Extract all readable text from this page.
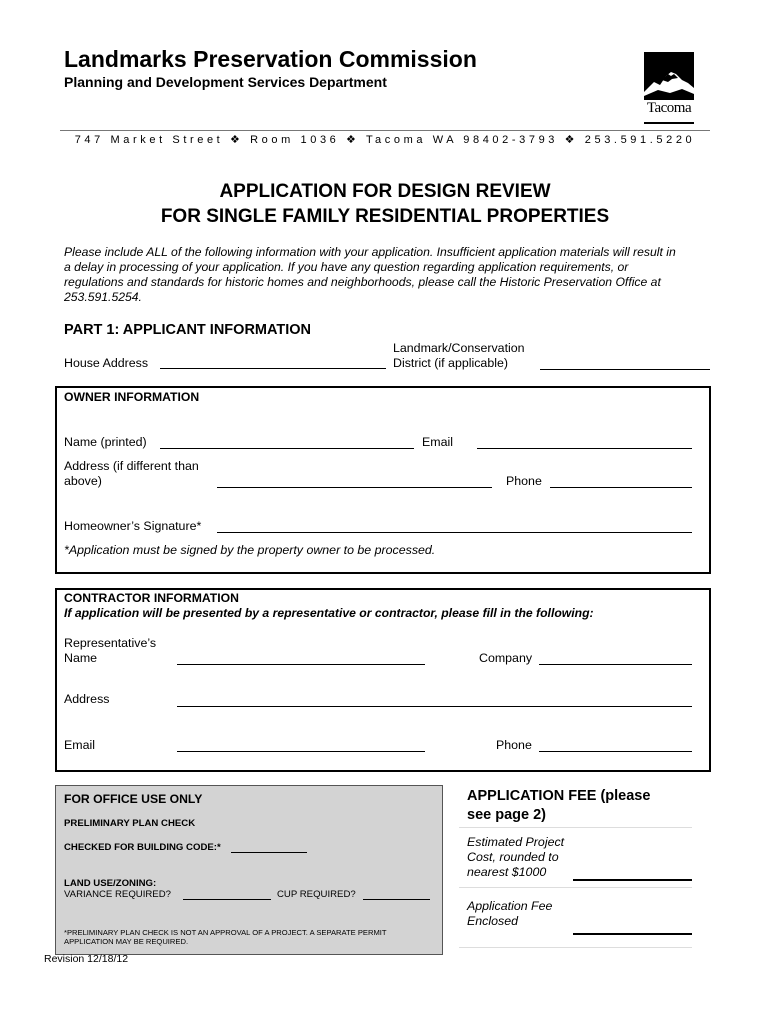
Landmarks Preservation Commission
Planning and Development Services Department
Tacoma
747 Market Street ❖ Room 1036 ❖ Tacoma WA 98402-3793 ❖ 253.591.5220
APPLICATION FOR DESIGN REVIEW
FOR SINGLE FAMILY RESIDENTIAL PROPERTIES
Please include ALL of the following information with your application. Insufficient application materials will result in
a delay in processing of your application. If you have any question regarding application requirements, or
regulations and standards for historic homes and neighborhoods, please call the Historic Preservation Office at
253.591.5254.
PART 1: APPLICANT INFORMATION
House Address
Landmark/Conservation
District (if applicable)
OWNER INFORMATION
Name (printed)	Email
Address (if different than
above)	Phone
Homeowner’s Signature*
*Application must be signed by the property owner to be processed.
CONTRACTOR INFORMATION
If application will be presented by a representative or contractor, please fill in the following:
Representative’s
Name	Company
Address
Email	Phone
FOR OFFICE USE ONLY
PRELIMINARY PLAN CHECK
CHECKED FOR BUILDING CODE:*
LAND USE/ZONING:
VARIANCE REQUIRED?	CUP REQUIRED?
*PRELIMINARY PLAN CHECK IS NOT AN APPROVAL OF A PROJECT. A SEPARATE PERMIT
APPLICATION MAY BE REQUIRED.
APPLICATION FEE (please
see page 2)
Estimated Project
Cost, rounded to
nearest $1000
Application Fee
Enclosed
Revision 12/18/12
